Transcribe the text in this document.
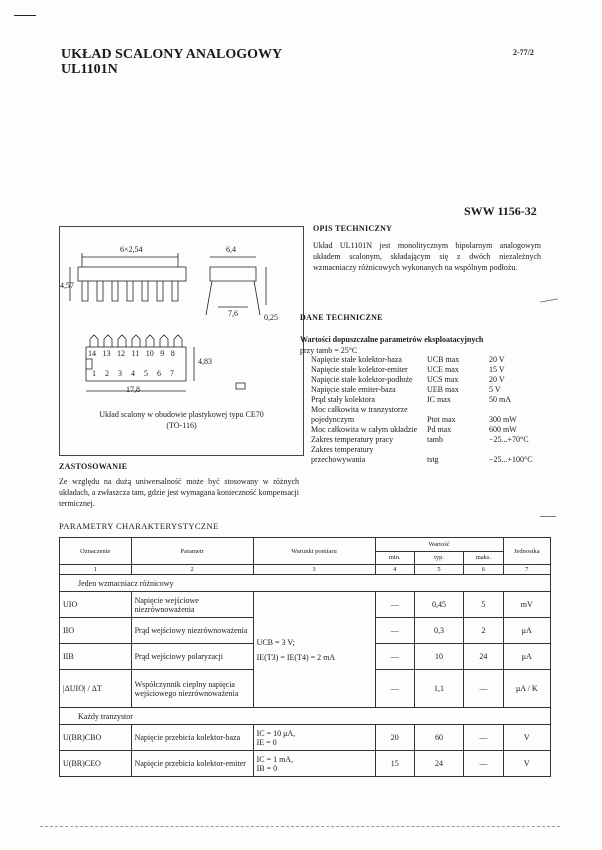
UKŁAD SCALONY ANALOGOWY
UL1101N
2-77/2
SWW 1156-32
6×2,54	6,4
7,6	0,25
4,57
4,83
17,8
14 13 12 11 10 9 8
1 2 3 4 5 6 7
Układ scalony w obudowie plastykowej typu CE70
(TO-116)
OPIS TECHNICZNY
Układ UL1101N jest monolitycznym bipolarnym analogowym układem scalonym, składającym się z dwóch niezależnych wzmacniaczy różnicowych wykonanych na wspólnym podłożu.
DANE TECHNICZNE
Wartości dopuszczalne parametrów eksploatacyjnych
przy tamb = 25°C
Napięcie stałe kolektor-baza	UCB max	20 V
Napięcie stałe kolektor-emiter	UCE max	15 V
Napięcie stałe kolektor-podłoże	UCS max	20 V
Napięcie stałe emiter-baza	UEB max	5 V
Prąd stały kolektora	IC max	50 mA
Moc całkowita w tranzystorze pojedynczym	Ptot max	300 mW
Moc całkowita w całym układzie	Pd max	600 mW
Zakres temperatury pracy	tamb	−25...+70°C
Zakres temperatury przechowywania	tstg	−25...+100°C
ZASTOSOWANIE
Ze względu na dużą uniwersalność może być stosowany w różnych układach, a zwłaszcza tam, gdzie jest wymagana konieczność kompensacji termicznej.
PARAMETRY CHARAKTERYSTYCZNE
Oznaczenie	Parametr	Warunki pomiaru	Wartość			Jednostka
			min.	typ.	maks.	
1	2	3	4	5	6	7
Jeden wzmacniacz różnicowy						
UIO	Napięcie wejściowe niezrównoważenia	UCB = 3 V;
IE(T3) = IE(T4) = 2 mA	—	0,45	5	mV
IIO	Prąd wejściowy niezrównoważenia		—	0,3	2	μA
IIB	Prąd wejściowy polaryzacji		—	10	24	μA
|ΔUIO| / ΔT	Współczynnik cieplny napięcia wejściowego niezrównoważenia		—	1,1	—	μA / K
Każdy tranzystor						
U(BR)CBO	Napięcie przebicia kolektor-baza	IC = 10 μA,
IE = 0	20	60	—	V
U(BR)CEO	Napięcie przebicia kolektor-emiter	IC = 1 mA,
IB = 0	15	24	—	V
